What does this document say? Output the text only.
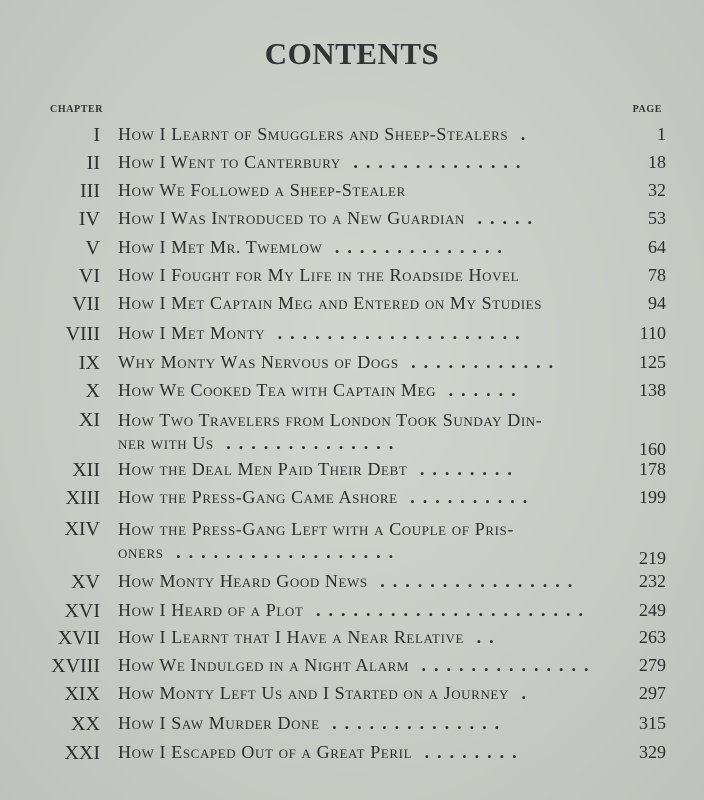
CONTENTS
CHAPTER	PAGE
I How I Learnt of Smugglers and Sheep-Stealers .	1
II How I Went to Canterbury ..............	18
III How We Followed a Sheep-Stealer	32
IV How I Was Introduced to a New Guardian .....	53
V How I Met Mr. Twemlow ..............	64
VI How I Fought for My Life in the Roadside Hovel	78
VII How I Met Captain Meg and Entered on My Studies	94
VIII How I Met Monty ....................	110
IX Why Monty Was Nervous of Dogs ............	125
X How We Cooked Tea with Captain Meg ......	138
XI How Two Travelers from London Took Sunday Din-
ner with Us ..............	160
XII How the Deal Men Paid Their Debt ........	178
XIII How the Press-Gang Came Ashore ..........	199
XIV How the Press-Gang Left with a Couple of Pris-
oners ..................	219
XV How Monty Heard Good News ................	232
XVI How I Heard of a Plot ......................	249
XVII How I Learnt that I Have a Near Relative ..	263
XVIII How We Indulged in a Night Alarm ..............	279
XIX How Monty Left Us and I Started on a Journey .	297
XX How I Saw Murder Done ..............	315
XXI How I Escaped Out of a Great Peril ........	329
